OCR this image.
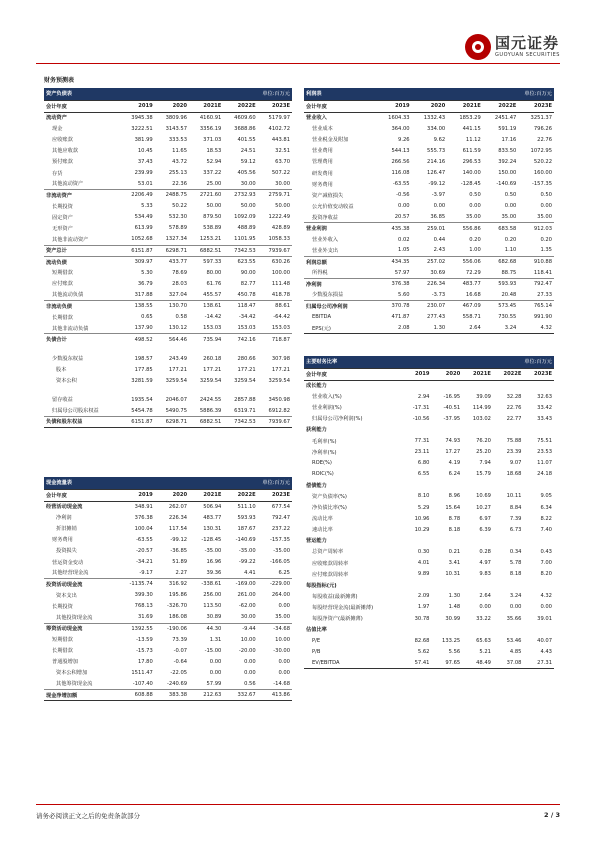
国元证券
GUOYUAN SECURITIES
财务预测表
资产负债表				单位:百万元	
会计年度	2019	2020	2021E	2022E	2023E
流动资产	3945.38	3809.96	4160.91	4609.60	5179.97
现金	3222.51	3143.57	3356.19	3688.86	4102.72
应收账款	381.99	333.53	371.03	401.55	443.81
其他应收款	10.45	11.65	18.53	24.51	32.51
预付账款	37.43	43.72	52.94	59.12	63.70
存货	239.99	255.13	337.22	405.56	507.22
其他流动资产	53.01	22.36	25.00	30.00	30.00
非流动资产	2206.49	2488.75	2721.60	2732.93	2759.71
长期投资	5.33	50.22	50.00	50.00	50.00
固定资产	534.49	532.30	879.50	1092.09	1222.49
无形资产	613.99	578.89	538.89	488.89	428.89
其他非流动资产	1052.68	1327.34	1253.21	1101.95	1058.33
资产总计	6151.87	6298.71	6882.51	7342.53	7939.67
流动负债	309.97	433.77	597.33	623.55	630.26
短期借款	5.30	78.69	80.00	90.00	100.00
应付账款	36.79	28.03	61.76	82.77	111.48
其他流动负债	317.88	327.04	455.57	450.78	418.78
非流动负债	138.55	130.70	138.61	118.47	88.61
长期借款	0.65	0.58	-14.42	-34.42	-64.42
其他非流动负债	137.90	130.12	153.03	153.03	153.03
负债合计	498.52	564.46	735.94	742.16	718.87

少数股东权益	198.57	243.49	260.18	280.66	307.98
股本	177.85	177.21	177.21	177.21	177.21
资本公积	3281.59	3259.54	3259.54	3259.54	3259.54

留存收益	1935.54	2046.07	2424.55	2857.88	3450.98
归属母公司股东权益	5454.78	5490.75	5886.39	6319.71	6912.82
负债和股东权益	6151.87	6298.71	6882.51	7342.53	7939.67
利润表				单位:百万元	
会计年度	2019	2020	2021E	2022E	2023E
营业收入	1604.33	1332.43	1853.29	2451.47	3251.37
营业成本	364.00	334.00	441.15	591.19	796.26
营业税金及附加	9.26	9.62	11.12	17.16	22.76
营业费用	544.13	555.73	611.59	833.50	1072.95
管理费用	266.56	214.16	296.53	392.24	520.22
研发费用	116.08	126.47	140.00	150.00	160.00
财务费用	-63.55	-99.12	-128.45	-140.69	-157.35
资产减值损失	-0.56	-3.97	0.50	0.50	0.50
公允价值变动收益	0.00	0.00	0.00	0.00	0.00
投资净收益	20.57	36.85	35.00	35.00	35.00
营业利润	435.38	259.01	556.86	683.58	912.03
营业外收入	0.02	0.44	0.20	0.20	0.20
营业外支出	1.05	2.43	1.00	1.10	1.35
利润总额	434.35	257.02	556.06	682.68	910.88
所得税	57.97	30.69	72.29	88.75	118.41
净利润	376.38	226.34	483.77	593.93	792.47
少数股东损益	5.60	-3.73	16.68	20.48	27.33
归属母公司净利润	370.78	230.07	467.09	573.45	765.14
EBITDA	471.87	277.43	558.71	730.55	991.90
EPS(元)	2.08	1.30	2.64	3.24	4.32
现金流量表				单位:百万元	
会计年度	2019	2020	2021E	2022E	2023E
经营活动现金流	348.91	262.07	506.94	511.10	677.54
净利润	376.38	226.34	483.77	593.93	792.47
折旧摊销	100.04	117.54	130.31	187.67	237.22
财务费用	-63.55	-99.12	-128.45	-140.69	-157.35
投资损失	-20.57	-36.85	-35.00	-35.00	-35.00
营运资金变动	-34.21	51.89	16.96	-99.22	-166.05
其他经营现金流	-9.17	2.27	39.36	4.41	6.25
投资活动现金流	-1135.74	316.92	-338.61	-169.00	-229.00
资本支出	399.30	195.86	256.00	261.00	264.00
长期投资	768.13	-326.70	113.50	-62.00	0.00
其他投资现金流	31.69	186.08	30.89	30.00	35.00
筹资活动现金流	1392.55	-190.06	44.30	-9.44	-34.68
短期借款	-13.59	73.39	1.31	10.00	10.00
长期借款	-15.73	-0.07	-15.00	-20.00	-30.00
普通股增加	17.80	-0.64	0.00	0.00	0.00
资本公积增加	1511.47	-22.05	0.00	0.00	0.00
其他筹资现金流	-107.40	-240.69	57.99	0.56	-14.68
现金净增加额	608.88	383.38	212.63	332.67	413.86
主要财务比率				单位:百万元	
会计年度	2019	2020	2021E	2022E	2023E
成长能力					
营业收入(%)	2.94	-16.95	39.09	32.28	32.63
营业利润(%)	-17.31	-40.51	114.99	22.76	33.42
归属母公司净利润(%)	-10.56	-37.95	103.02	22.77	33.43
获利能力					
毛利率(%)	77.31	74.93	76.20	75.88	75.51
净利率(%)	23.11	17.27	25.20	23.39	23.53
ROE(%)	6.80	4.19	7.94	9.07	11.07
ROIC(%)	6.55	6.24	15.79	18.68	24.18
偿债能力					
资产负债率(%)	8.10	8.96	10.69	10.11	9.05
净负债比率(%)	5.29	15.64	10.27	8.84	6.34
流动比率	10.96	8.78	6.97	7.39	8.22
速动比率	10.29	8.18	6.39	6.73	7.40
营运能力					
总资产周转率	0.30	0.21	0.28	0.34	0.43
应收账款周转率	4.01	3.41	4.97	5.78	7.00
应付账款周转率	9.89	10.31	9.83	8.18	8.20
每股指标(元)					
每股收益(最新摊薄)	2.09	1.30	2.64	3.24	4.32
每股经营现金流(最新摊薄)	1.97	1.48	0.00	0.00	0.00
每股净资产(最新摊薄)	30.78	30.99	33.22	35.66	39.01
估值比率					
P/E	82.68	133.25	65.63	53.46	40.07
P/B	5.62	5.56	5.21	4.85	4.43
EV/EBITDA	57.41	97.65	48.49	37.08	27.31
请务必阅读正文之后的免责条款部分	2 / 3
